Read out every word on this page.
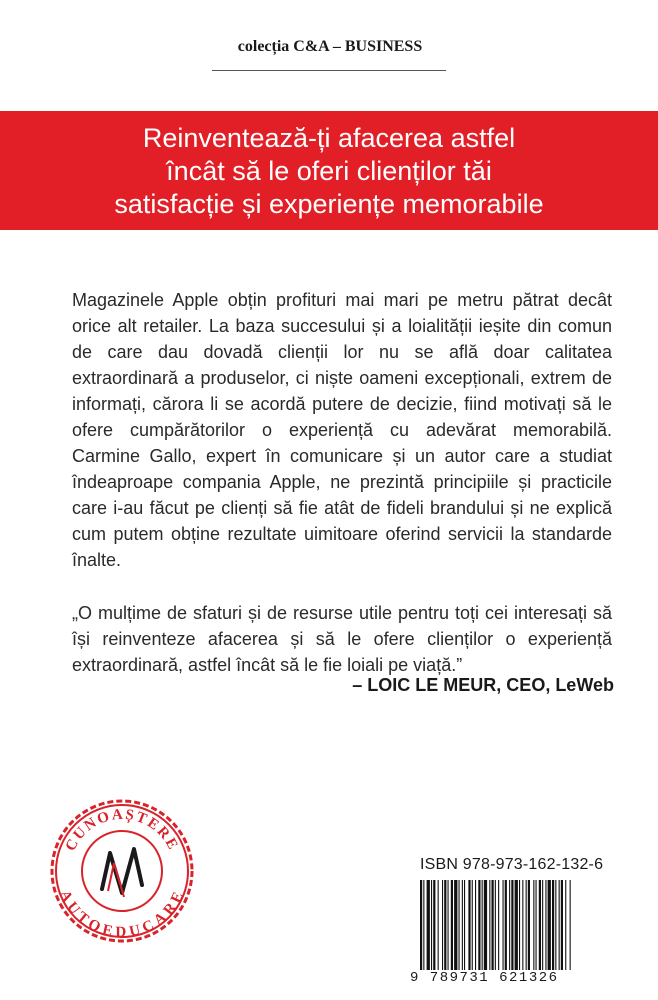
colecția C&A – BUSINESS
Reinventează-ți afacerea astfel
încât să le oferi clienților tăi
satisfacție și experiențe memorabile

Magazinele Apple obțin profituri mai mari pe metru pătrat decât orice alt retailer. La baza succesului și a loialității ieșite din comun de care dau dovadă clienții lor nu se află doar calitatea extraordinară a produselor, ci niște oameni excepționali, extrem de informați, cărora li se acordă putere de decizie, fiind motivați să le ofere cumpărătorilor o experiență cu adevărat memorabilă. Carmine Gallo, expert în comunicare și un autor care a studiat îndeaproape compania Apple, ne prezintă principiile și practicile care i-au făcut pe clienți să fie atât de fideli brandului și ne explică cum putem obține rezultate uimitoare oferind servicii la standarde înalte.

„O mulțime de sfaturi și de resurse utile pentru toți cei interesați să își reinventeze afacerea și să le ofere clienților o experiență extraordinară, astfel încât să le fie loiali pe viață.”
– LOIC LE MEUR, CEO, LeWeb
CUNOAȘTERE
AUTOEDUCARE
ISBN 978-973-162-132-6
9 789731 621326
